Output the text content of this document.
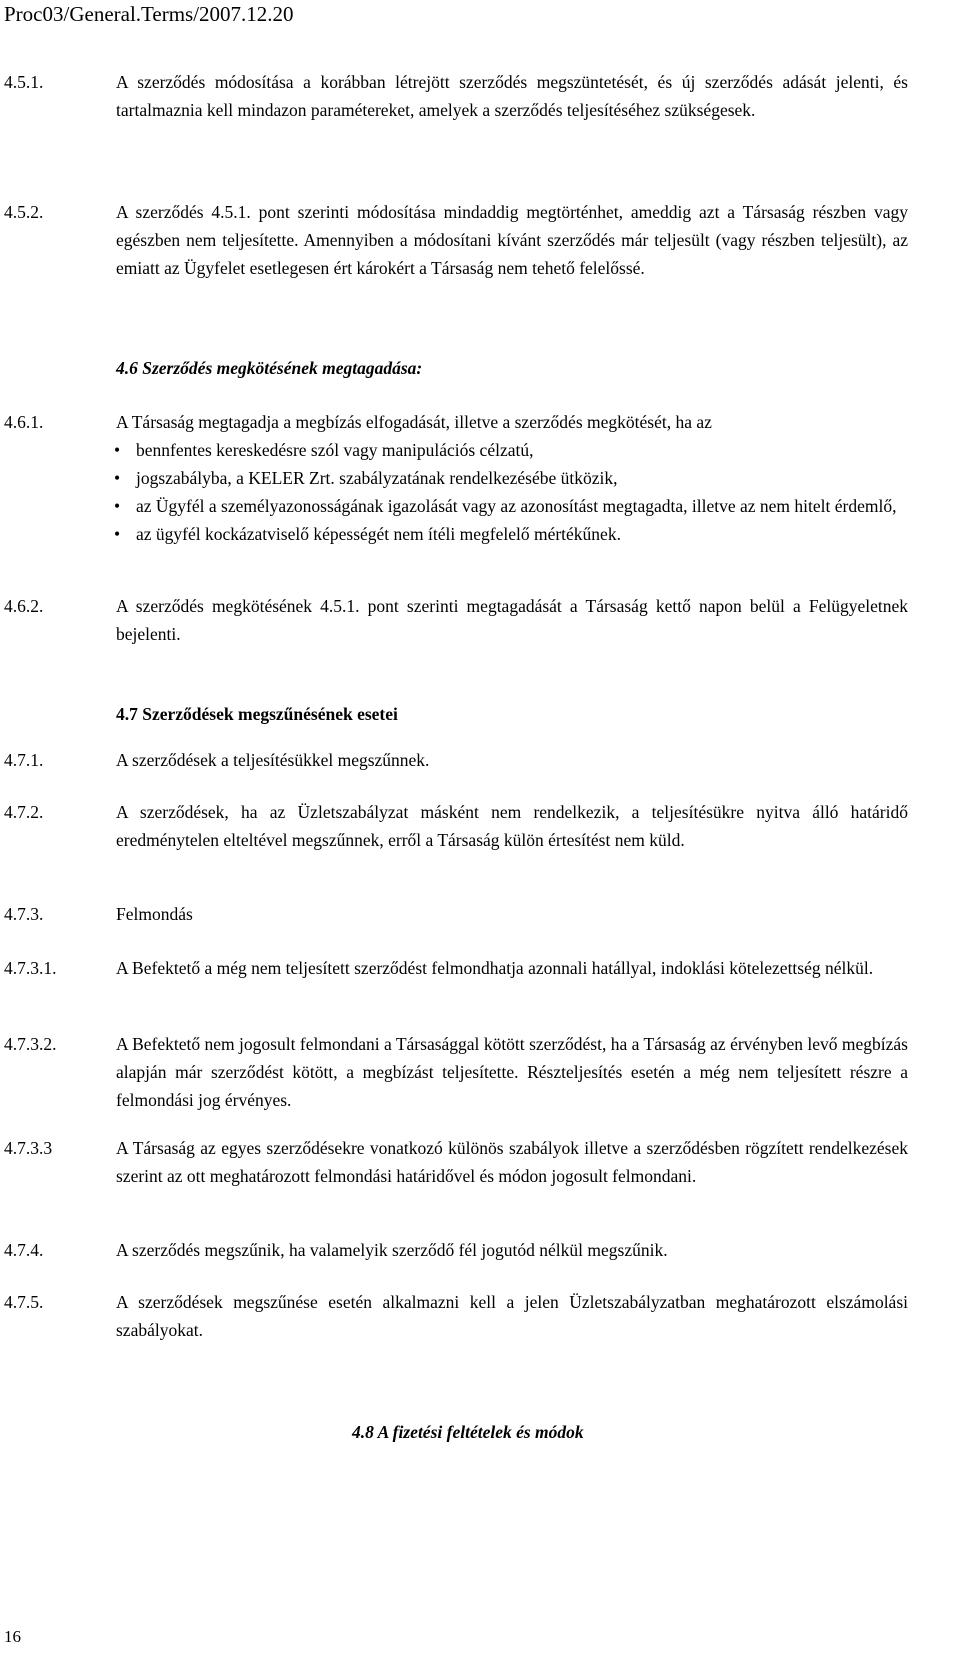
Proc03/General.Terms/2007.12.20
4.5.1.	A szerződés módosítása a korábban létrejött szerződés megszüntetését, és új szerződés adását jelenti, és tartalmaznia kell mindazon paramétereket, amelyek a szerződés teljesítéséhez szükségesek.
4.5.2.	A szerződés 4.5.1. pont szerinti módosítása mindaddig megtörténhet, ameddig azt a Társaság részben vagy egészben nem teljesítette. Amennyiben a módosítani kívánt szerződés már teljesült (vagy részben teljesült), az emiatt az Ügyfelet esetlegesen ért károkért a Társaság nem tehető felelőssé.
4.6 Szerződés megkötésének megtagadása:
4.6.1.	A Társaság megtagadja a megbízás elfogadását, illetve a szerződés megkötését, ha az
• bennfentes kereskedésre szól vagy manipulációs célzatú,
• jogszabályba, a KELER Zrt. szabályzatának rendelkezésébe ütközik,
• az Ügyfél a személyazonosságának igazolását vagy az azonosítást megtagadta, illetve az nem hitelt érdemlő,
• az ügyfél kockázatviselő képességét nem ítéli megfelelő mértékűnek.
4.6.2.	A szerződés megkötésének 4.5.1. pont szerinti megtagadását a Társaság kettő napon belül a Felügyeletnek bejelenti.
4.7 Szerződések megszűnésének esetei
4.7.1.	A szerződések a teljesítésükkel megszűnnek.
4.7.2.	A szerződések, ha az Üzletszabályzat másként nem rendelkezik, a teljesítésükre nyitva álló határidő eredménytelen elteltével megszűnnek, erről a Társaság külön értesítést nem küld.
4.7.3.	Felmondás
4.7.3.1.	A Befektető a még nem teljesített szerződést felmondhatja azonnali hatállyal, indoklási kötelezettség nélkül.
4.7.3.2.	A Befektető nem jogosult felmondani a Társasággal kötött szerződést, ha a Társaság az érvényben levő megbízás alapján már szerződést kötött, a megbízást teljesítette. Részteljesítés esetén a még nem teljesített részre a felmondási jog érvényes.
4.7.3.3	A Társaság az egyes szerződésekre vonatkozó különös szabályok illetve a szerződésben rögzített rendelkezések szerint az ott meghatározott felmondási határidővel és módon jogosult felmondani.
4.7.4.	A szerződés megszűnik, ha valamelyik szerződő fél jogutód nélkül megszűnik.
4.7.5.	A szerződések megszűnése esetén alkalmazni kell a jelen Üzletszabályzatban meghatározott elszámolási szabályokat.
4.8 A fizetési feltételek és módok
16
